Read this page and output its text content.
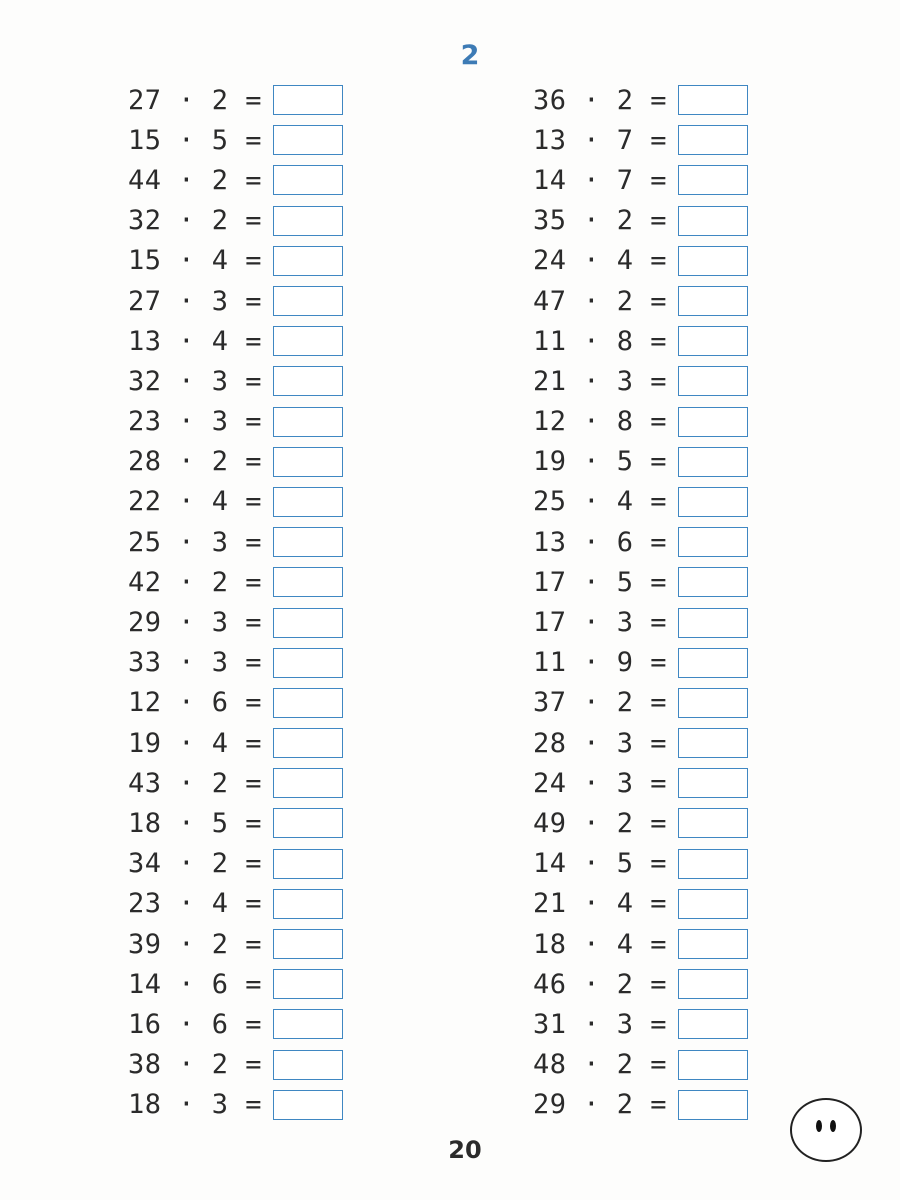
2
27 · 2 =
15 · 5 =
44 · 2 =
32 · 2 =
15 · 4 =
27 · 3 =
13 · 4 =
32 · 3 =
23 · 3 =
28 · 2 =
22 · 4 =
25 · 3 =
42 · 2 =
29 · 3 =
33 · 3 =
12 · 6 =
19 · 4 =
43 · 2 =
18 · 5 =
34 · 2 =
23 · 4 =
39 · 2 =
14 · 6 =
16 · 6 =
38 · 2 =
18 · 3 =
36 · 2 =
13 · 7 =
14 · 7 =
35 · 2 =
24 · 4 =
47 · 2 =
11 · 8 =
21 · 3 =
12 · 8 =
19 · 5 =
25 · 4 =
13 · 6 =
17 · 5 =
17 · 3 =
11 · 9 =
37 · 2 =
28 · 3 =
24 · 3 =
49 · 2 =
14 · 5 =
21 · 4 =
18 · 4 =
46 · 2 =
31 · 3 =
48 · 2 =
29 · 2 =
20
